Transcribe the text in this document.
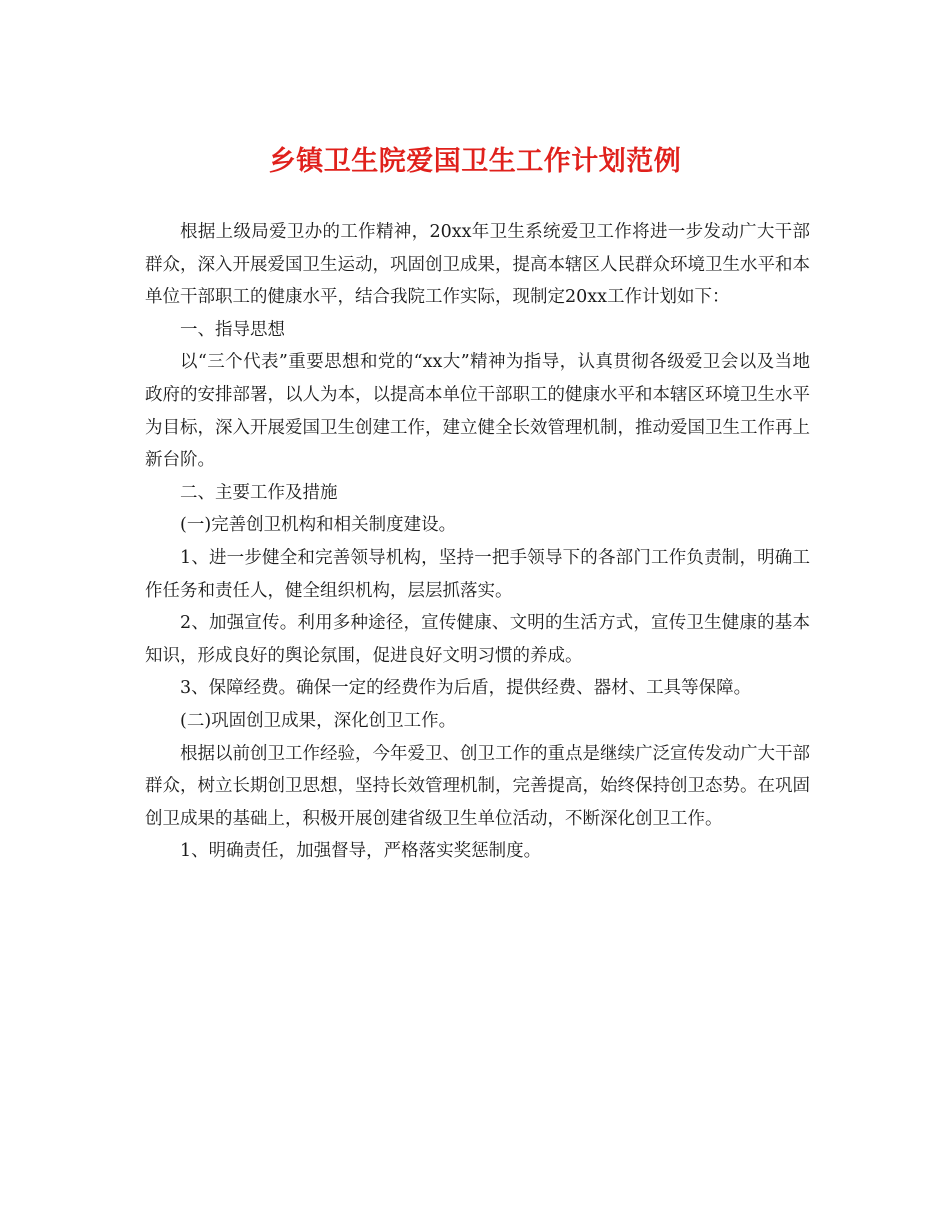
乡镇卫生院爱国卫生工作计划范例

根据上级局爱卫办的工作精神，20xx年卫生系统爱卫工作将进一步发动广大干部群众，深入开展爱国卫生运动，巩固创卫成果，提高本辖区人民群众环境卫生水平和本单位干部职工的健康水平，结合我院工作实际，现制定20xx工作计划如下：

一、指导思想

以“三个代表”重要思想和党的“xx大”精神为指导，认真贯彻各级爱卫会以及当地政府的安排部署，以人为本，以提高本单位干部职工的健康水平和本辖区环境卫生水平为目标，深入开展爱国卫生创建工作，建立健全长效管理机制，推动爱国卫生工作再上新台阶。

二、主要工作及措施

(一)完善创卫机构和相关制度建设。

1、进一步健全和完善领导机构，坚持一把手领导下的各部门工作负责制，明确工作任务和责任人，健全组织机构，层层抓落实。

2、加强宣传。利用多种途径，宣传健康、文明的生活方式，宣传卫生健康的基本知识，形成良好的舆论氛围，促进良好文明习惯的养成。

3、保障经费。确保一定的经费作为后盾，提供经费、器材、工具等保障。

(二)巩固创卫成果，深化创卫工作。

根据以前创卫工作经验，今年爱卫、创卫工作的重点是继续广泛宣传发动广大干部群众，树立长期创卫思想，坚持长效管理机制，完善提高，始终保持创卫态势。在巩固创卫成果的基础上，积极开展创建省级卫生单位活动，不断深化创卫工作。

1、明确责任，加强督导，严格落实奖惩制度。
